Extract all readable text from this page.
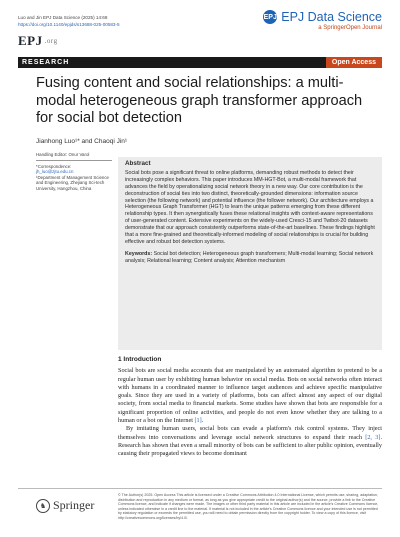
Luo and Jin EPJ Data Science (2025) 14:68
https://doi.org/10.1140/epjds/s13688-025-00583-5
EPJ .org
EPJ EPJ Data Science
a SpringerOpen Journal
RESEARCH	Open Access
Fusing content and social relationships: a multi-modal heterogeneous graph transformer approach for social bot detection
Jianhong Luo¹* and Chaoqi Jin¹
Handling Editor: Onur Varol
*Correspondence:
jh_luo@zjtu.edu.cn
¹Department of Management Science and Engineering, Zhejiang Sci-tech University, Hangzhou, China
Abstract

Social bots pose a significant threat to online platforms, demanding robust methods to detect their increasingly complex behaviors. This paper introduces MM-HGT-Bot, a multi-modal framework that advances the field by operationalizing social network theory in a new way. Our core contribution is the deconstruction of social ties into two distinct, theoretically-grounded dimensions: information source selection (the following network) and potential influence (the follower network). Our architecture employs a Heterogeneous Graph Transformer (HGT) to learn the unique patterns emerging from these different relationship types. It then synergistically fuses these relational insights with context-aware representations of user-generated content. Extensive experiments on the widely-used Cresci-15 and Twibot-20 datasets demonstrate that our approach consistently outperforms state-of-the-art baselines. These findings highlight that a more fine-grained and theoretically-informed modeling of social relationships is crucial for building effective and robust bot detection systems.

Keywords: Social bot detection; Heterogeneous graph transformers; Multi-modal learning; Social network analysis; Relational learning; Content analysis; Attention mechanism

1 Introduction

Social bots are social media accounts that are manipulated by an automated algorithm to pretend to be a regular human user by exhibiting human behavior on social media. Bots on social networks often interact with humans in a coordinated manner to influence target audiences and achieve specific manipulative goals. Since they are used in a variety of platforms, bots can affect almost any aspect of our digital society, from social media to financial markets. Some studies have shown that bots are responsible for a significant proportion of online activities, and people do not even know whether they are talking to a human or a bot on the Internet [1].

By imitating human users, social bots can evade a platform's risk control systems. They inject themselves into conversations and leverage social network structures to expand their reach [2, 3]. Research has shown that even a small minority of bots can be sufficient to alter public opinion, eventually causing their propagated views to become dominant

♞ Springer
© The Author(s) 2025. Open Access This article is licensed under a Creative Commons Attribution 4.0 International License, which permits use, sharing, adaptation, distribution and reproduction in any medium or format, as long as you give appropriate credit to the original author(s) and the source, provide a link to the Creative Commons licence, and indicate if changes were made. The images or other third party material in this article are included in the article's Creative Commons licence, unless indicated otherwise in a credit line to the material. If material is not included in the article's Creative Commons licence and your intended use is not permitted by statutory regulation or exceeds the permitted use, you will need to obtain permission directly from the copyright holder. To view a copy of this licence, visit http://creativecommons.org/licenses/by/4.0/.
